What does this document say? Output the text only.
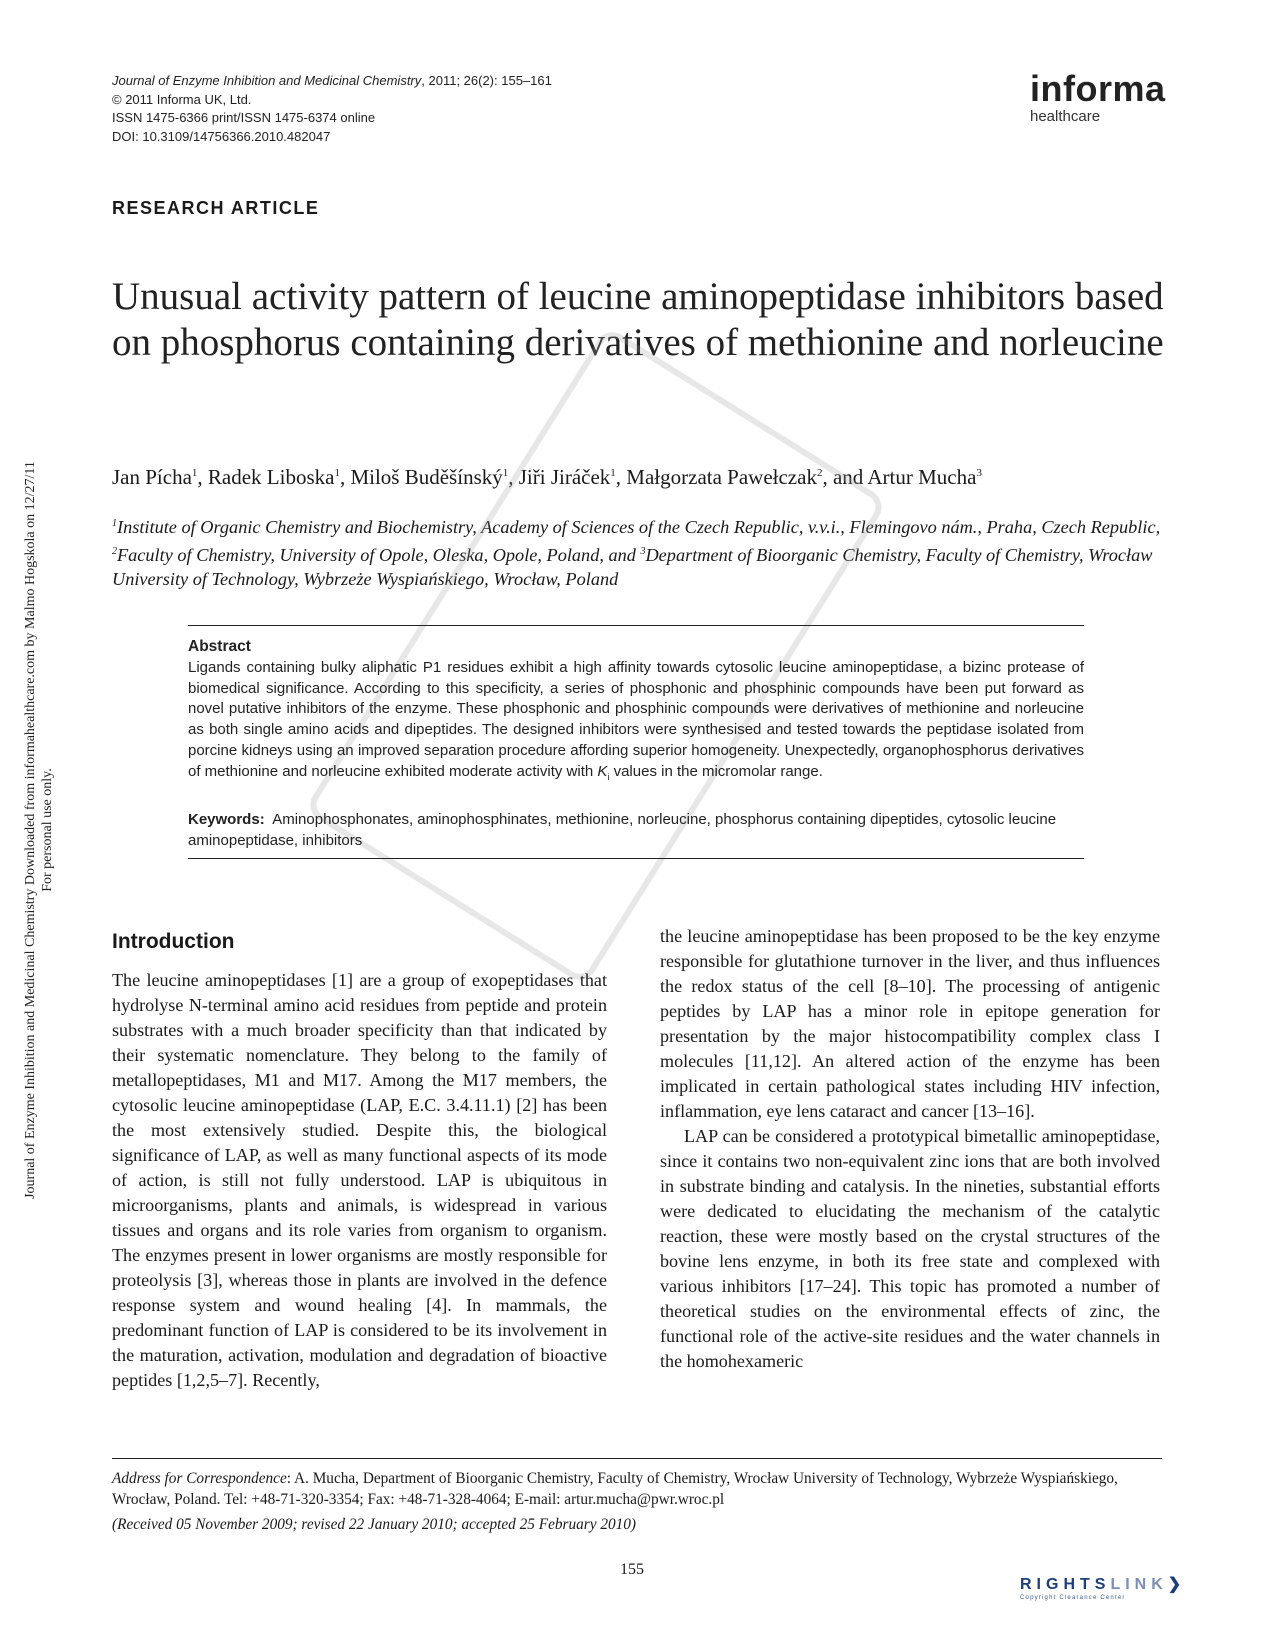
Journal of Enzyme Inhibition and Medicinal Chemistry Downloaded from informahealthcare.com by Malmo Hogskola on 12/27/11 For personal use only.
Journal of Enzyme Inhibition and Medicinal Chemistry, 2011; 26(2): 155–161
© 2011 Informa UK, Ltd.
ISSN 1475-6366 print/ISSN 1475-6374 online
DOI: 10.3109/14756366.2010.482047
informa
healthcare
RESEARCH ARTICLE
Unusual activity pattern of leucine aminopeptidase inhibitors based on phosphorus containing derivatives of methionine and norleucine
Jan Pícha$^1$, Radek Liboska$^1$, Miloš Buděšínský$^1$, Jiři Jiráček$^1$, Małgorzata Pawełczak$^2$, and Artur Mucha$^3$
$^1$Institute of Organic Chemistry and Biochemistry, Academy of Sciences of the Czech Republic, v.v.i., Flemingovo nám., Praha, Czech Republic, $^2$Faculty of Chemistry, University of Opole, Oleska, Opole, Poland, and $^3$Department of Bioorganic Chemistry, Faculty of Chemistry, Wrocław University of Technology, Wybrzeże Wyspiańskiego, Wrocław, Poland
Abstract
Ligands containing bulky aliphatic P1 residues exhibit a high affinity towards cytosolic leucine aminopeptidase, a bizinc protease of biomedical significance. According to this specificity, a series of phosphonic and phosphinic compounds have been put forward as novel putative inhibitors of the enzyme. These phosphonic and phosphinic compounds were derivatives of methionine and norleucine as both single amino acids and dipeptides. The designed inhibitors were synthesised and tested towards the peptidase isolated from porcine kidneys using an improved separation procedure affording superior homogeneity. Unexpectedly, organophosphorus derivatives of methionine and norleucine exhibited moderate activity with $K_i$ values in the micromolar range.
Keywords: Aminophosphonates, aminophosphinates, methionine, norleucine, phosphorus containing dipeptides, cytosolic leucine aminopeptidase, inhibitors
Introduction

The leucine aminopeptidases [1] are a group of exopeptidases that hydrolyse N-terminal amino acid residues from peptide and protein substrates with a much broader specificity than that indicated by their systematic nomenclature. They belong to the family of metallopeptidases, M1 and M17. Among the M17 members, the cytosolic leucine aminopeptidase (LAP, E.C. 3.4.11.1) [2] has been the most extensively studied. Despite this, the biological significance of LAP, as well as many functional aspects of its mode of action, is still not fully understood. LAP is ubiquitous in microorganisms, plants and animals, is widespread in various tissues and organs and its role varies from organism to organism. The enzymes present in lower organisms are mostly responsible for proteolysis [3], whereas those in plants are involved in the defence response system and wound healing [4]. In mammals, the predominant function of LAP is considered to be its involvement in the maturation, activation, modulation and degradation of bioactive peptides [1,2,5–7]. Recently,

the leucine aminopeptidase has been proposed to be the key enzyme responsible for glutathione turnover in the liver, and thus influences the redox status of the cell [8–10]. The processing of antigenic peptides by LAP has a minor role in epitope generation for presentation by the major histocompatibility complex class I molecules [11,12]. An altered action of the enzyme has been implicated in certain pathological states including HIV infection, inflammation, eye lens cataract and cancer [13–16].

LAP can be considered a prototypical bimetallic aminopeptidase, since it contains two non-equivalent zinc ions that are both involved in substrate binding and catalysis. In the nineties, substantial efforts were dedicated to elucidating the mechanism of the catalytic reaction, these were mostly based on the crystal structures of the bovine lens enzyme, in both its free state and complexed with various inhibitors [17–24]. This topic has promoted a number of theoretical studies on the environmental effects of zinc, the functional role of the active-site residues and the water channels in the homohexameric

Address for Correspondence: A. Mucha, Department of Bioorganic Chemistry, Faculty of Chemistry, Wrocław University of Technology, Wybrzeże Wyspiańskiego, Wrocław, Poland. Tel: +48-71-320-3354; Fax: +48-71-328-4064; E-mail: artur.mucha@pwr.wroc.pl
(Received 05 November 2009; revised 22 January 2010; accepted 25 February 2010)
155
RIGHTSLINK❯
Copyright Clearance Center
